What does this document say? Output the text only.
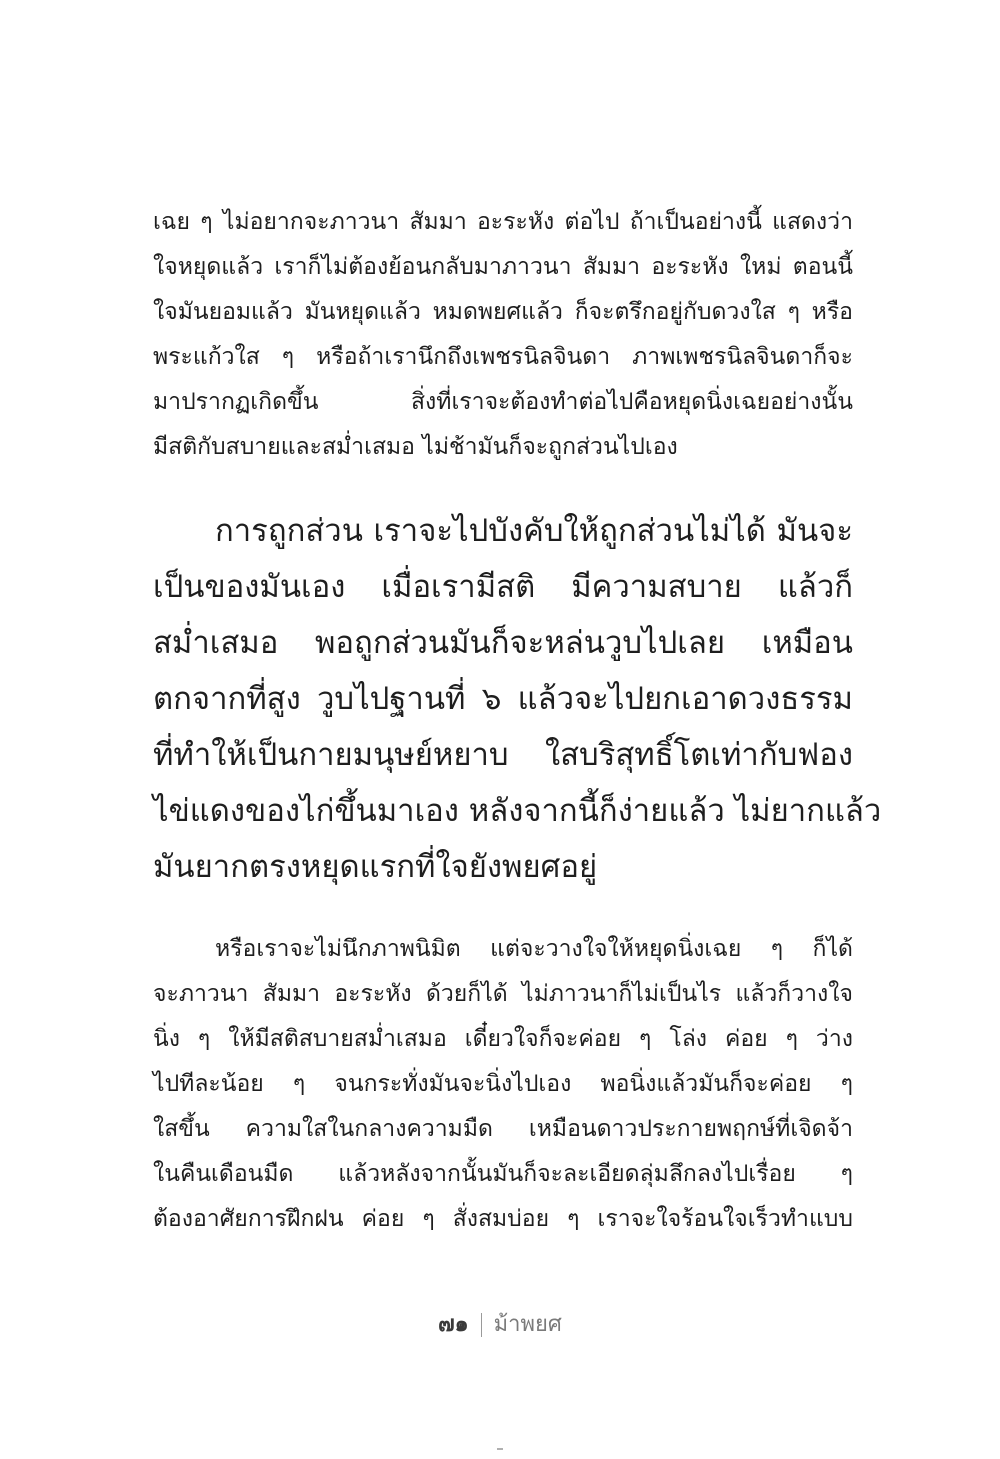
เฉย ๆ ไม่อยากจะภาวนา สัมมา อะระหัง ต่อไป ถ้าเป็นอย่างนี้ แสดงว่า
ใจหยุดแล้ว เราก็ไม่ต้องย้อนกลับมาภาวนา สัมมา อะระหัง ใหม่ ตอนนี้
ใจมันยอมแล้ว มันหยุดแล้ว หมดพยศแล้ว ก็จะตรึกอยู่กับดวงใส ๆ หรือ
พระแก้วใส ๆ หรือถ้าเรานึกถึงเพชรนิลจินดา ภาพเพชรนิลจินดาก็จะ
มาปรากฏเกิดขึ้น สิ่งที่เราจะต้องทำต่อไปคือหยุดนิ่งเฉยอย่างนั้น
มีสติกับสบายและสม่ำเสมอ ไม่ช้ามันก็จะถูกส่วนไปเอง
การถูกส่วน เราจะไปบังคับให้ถูกส่วนไม่ได้ มันจะ
เป็นของมันเอง เมื่อเรามีสติ มีความสบาย แล้วก็
สม่ำเสมอ พอถูกส่วนมันก็จะหล่นวูบไปเลย เหมือน
ตกจากที่สูง วูบไปฐานที่ ๖ แล้วจะไปยกเอาดวงธรรม
ที่ทำให้เป็นกายมนุษย์หยาบ ใสบริสุทธิ์โตเท่ากับฟอง
ไข่แดงของไก่ขึ้นมาเอง หลังจากนี้ก็ง่ายแล้ว ไม่ยากแล้ว
มันยากตรงหยุดแรกที่ใจยังพยศอยู่
หรือเราจะไม่นึกภาพนิมิต แต่จะวางใจให้หยุดนิ่งเฉย ๆ ก็ได้
จะภาวนา สัมมา อะระหัง ด้วยก็ได้ ไม่ภาวนาก็ไม่เป็นไร แล้วก็วางใจ
นิ่ง ๆ ให้มีสติสบายสม่ำเสมอ เดี๋ยวใจก็จะค่อย ๆ โล่ง ค่อย ๆ ว่าง
ไปทีละน้อย ๆ จนกระทั่งมันจะนิ่งไปเอง พอนิ่งแล้วมันก็จะค่อย ๆ
ใสขึ้น ความใสในกลางความมืด เหมือนดาวประกายพฤกษ์ที่เจิดจ้า
ในคืนเดือนมืด แล้วหลังจากนั้นมันก็จะละเอียดลุ่มลึกลงไปเรื่อย ๆ
ต้องอาศัยการฝึกฝน ค่อย ๆ สั่งสมบ่อย ๆ เราจะใจร้อนใจเร็วทำแบบ
๗๑ ม้าพยศ
